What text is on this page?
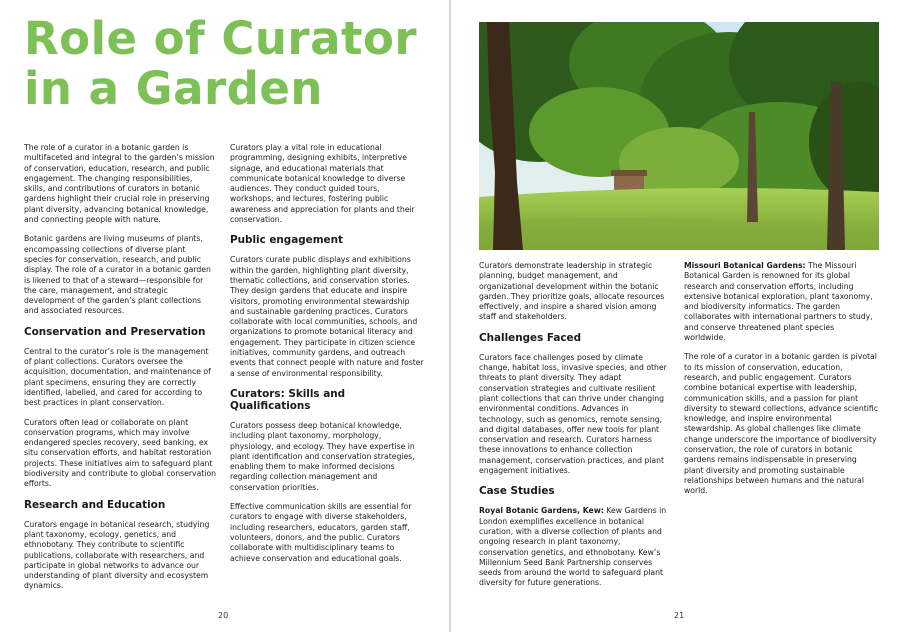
Role of Curator
in a Garden

The role of a curator in a botanic garden is multifaceted and integral to the garden’s mission of conservation, education, research, and public engagement. The changing responsibilities, skills, and contributions of curators in botanic gardens highlight their crucial role in preserving plant diversity, advancing botanical knowledge, and connecting people with nature.

Botanic gardens are living museums of plants, encompassing collections of diverse plant species for conservation, research, and public display. The role of a curator in a botanic garden is likened to that of a steward—responsible for the care, management, and strategic development of the garden’s plant collections and associated resources.

Conservation and Preservation

Central to the curator’s role is the management of plant collections. Curators oversee the acquisition, documentation, and maintenance of plant specimens, ensuring they are correctly identified, labelled, and cared for according to best practices in plant conservation.

Curators often lead or collaborate on plant conservation programs, which may involve endangered species recovery, seed banking, ex situ conservation efforts, and habitat restoration projects. These initiatives aim to safeguard plant biodiversity and contribute to global conservation efforts.

Research and Education

Curators engage in botanical research, studying plant taxonomy, ecology, genetics, and ethnobotany. They contribute to scientific publications, collaborate with researchers, and participate in global networks to advance our understanding of plant diversity and ecosystem dynamics.

Curators play a vital role in educational programming, designing exhibits, interpretive signage, and educational materials that communicate botanical knowledge to diverse audiences. They conduct guided tours, workshops, and lectures, fostering public awareness and appreciation for plants and their conservation.

Public engagement

Curators curate public displays and exhibitions within the garden, highlighting plant diversity, thematic collections, and conservation stories. They design gardens that educate and inspire visitors, promoting environmental stewardship and sustainable gardening practices. Curators collaborate with local communities, schools, and organizations to promote botanical literacy and engagement. They participate in citizen science initiatives, community gardens, and outreach events that connect people with nature and foster a sense of environmental responsibility.

Curators: Skills and Qualifications

Curators possess deep botanical knowledge, including plant taxonomy, morphology, physiology, and ecology. They have expertise in plant identification and conservation strategies, enabling them to make informed decisions regarding collection management and conservation priorities.

Effective communication skills are essential for curators to engage with diverse stakeholders, including researchers, educators, garden staff, volunteers, donors, and the public. Curators collaborate with multidisciplinary teams to achieve conservation and educational goals.

20

Curators demonstrate leadership in strategic planning, budget management, and organizational development within the botanic garden. They prioritize goals, allocate resources effectively, and inspire a shared vision among staff and stakeholders.

Challenges Faced

Curators face challenges posed by climate change, habitat loss, invasive species, and other threats to plant diversity. They adapt conservation strategies and cultivate resilient plant collections that can thrive under changing environmental conditions. Advances in technology, such as genomics, remote sensing, and digital databases, offer new tools for plant conservation and research. Curators harness these innovations to enhance collection management, conservation practices, and plant engagement initiatives.

Case Studies

Royal Botanic Gardens, Kew: Kew Gardens in London exemplifies excellence in botanical curation, with a diverse collection of plants and ongoing research in plant taxonomy, conservation genetics, and ethnobotany. Kew’s Millennium Seed Bank Partnership conserves seeds from around the world to safeguard plant diversity for future generations.

Missouri Botanical Gardens: The Missouri Botanical Garden is renowned for its global research and conservation efforts, including extensive botanical exploration, plant taxonomy, and biodiversity informatics. The garden collaborates with international partners to study, and conserve threatened plant species worldwide.

The role of a curator in a botanic garden is pivotal to its mission of conservation, education, research, and public engagement. Curators combine botanical expertise with leadership, communication skills, and a passion for plant diversity to steward collections, advance scientific knowledge, and inspire environmental stewardship. As global challenges like climate change underscore the importance of biodiversity conservation, the role of curators in botanic gardens remains indispensable in preserving plant diversity and promoting sustainable relationships between humans and the natural world.

21
